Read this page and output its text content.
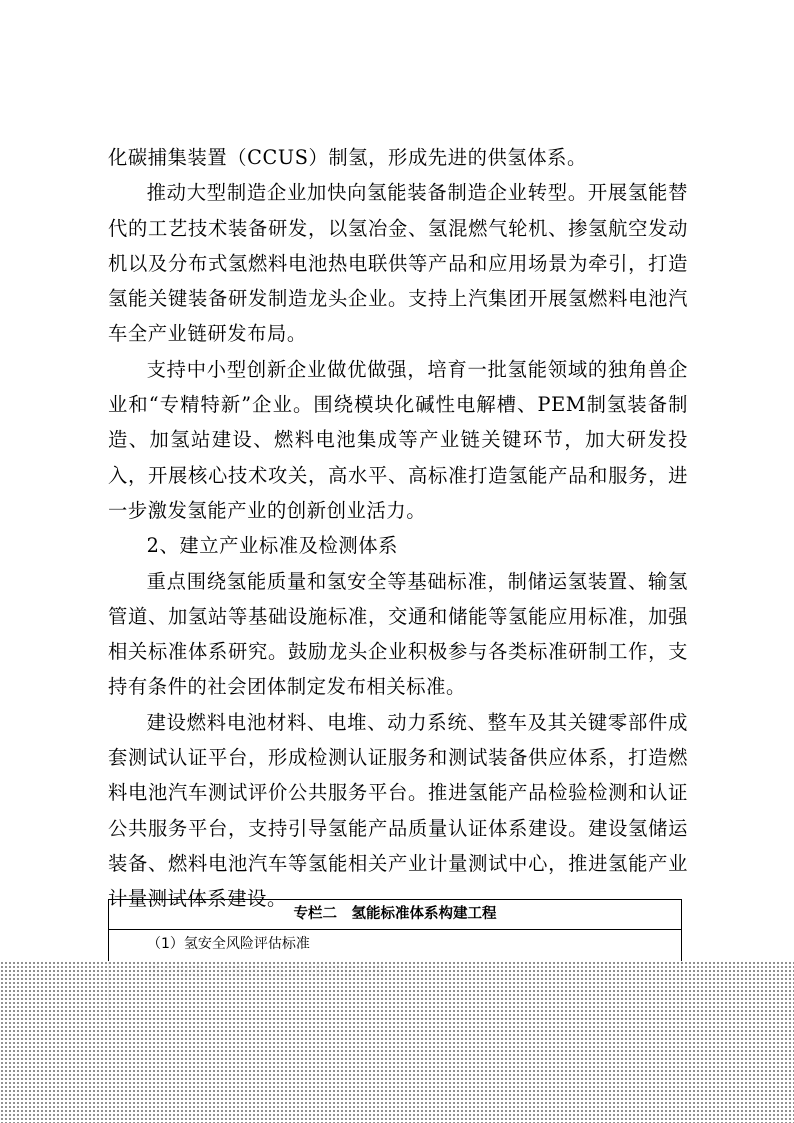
化碳捕集装置（CCUS）制氢，形成先进的供氢体系。

推动大型制造企业加快向氢能装备制造企业转型。开展氢能替代的工艺技术装备研发，以氢冶金、氢混燃气轮机、掺氢航空发动机以及分布式氢燃料电池热电联供等产品和应用场景为牵引，打造氢能关键装备研发制造龙头企业。支持上汽集团开展氢燃料电池汽车全产业链研发布局。

支持中小型创新企业做优做强，培育一批氢能领域的独角兽企业和“专精特新”企业。围绕模块化碱性电解槽、PEM制氢装备制造、加氢站建设、燃料电池集成等产业链关键环节，加大研发投入，开展核心技术攻关，高水平、高标准打造氢能产品和服务，进一步激发氢能产业的创新创业活力。

2、建立产业标准及检测体系

重点围绕氢能质量和氢安全等基础标准，制储运氢装置、输氢管道、加氢站等基础设施标准，交通和储能等氢能应用标准，加强相关标准体系研究。鼓励龙头企业积极参与各类标准研制工作，支持有条件的社会团体制定发布相关标准。

建设燃料电池材料、电堆、动力系统、整车及其关键零部件成套测试认证平台，形成检测认证服务和测试装备供应体系，打造燃料电池汽车测试评价公共服务平台。推进氢能产品检验检测和认证公共服务平台，支持引导氢能产品质量认证体系建设。建设氢储运装备、燃料电池汽车等氢能相关产业计量测试中心，推进氢能产业计量测试体系建设。

专栏二　氢能标准体系构建工程
（1）氢安全风险评估标准
